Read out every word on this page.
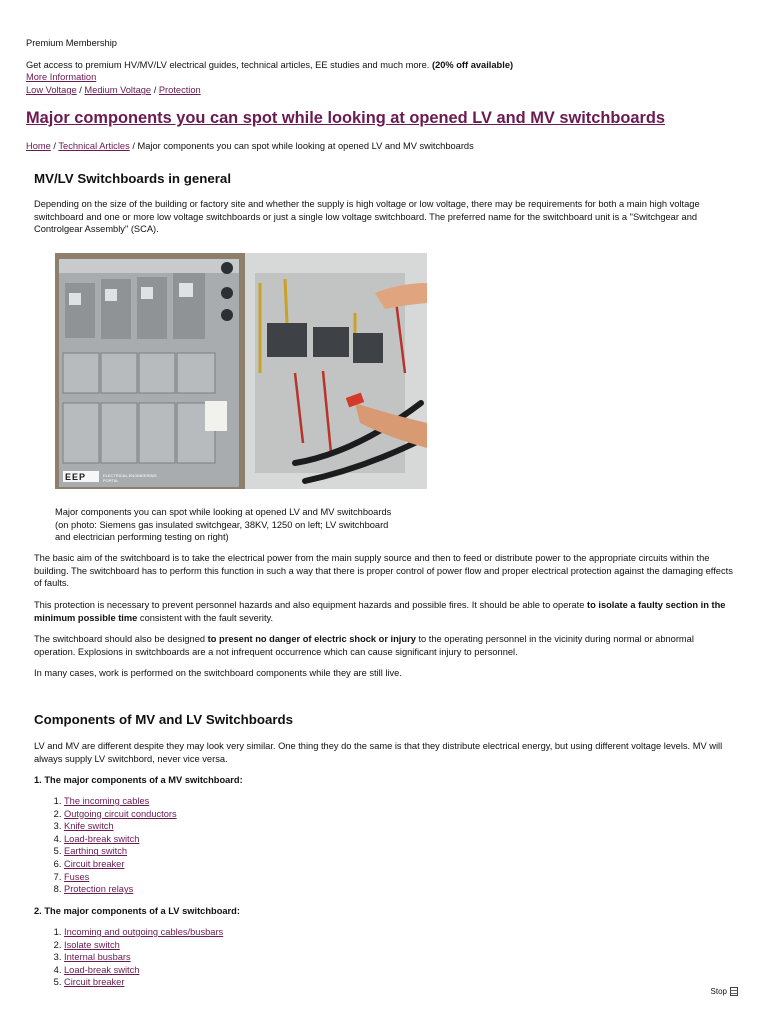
Premium Membership
Get access to premium HV/MV/LV electrical guides, technical articles, EE studies and much more. (20% off available)
More Information
Low Voltage / Medium Voltage / Protection
Major components you can spot while looking at opened LV and MV switchboards
Home / Technical Articles / Major components you can spot while looking at opened LV and MV switchboards
MV/LV Switchboards in general
Depending on the size of the building or factory site and whether the supply is high voltage or low voltage, there may be requirements for both a main high voltage switchboard and one or more low voltage switchboards or just a single low voltage switchboard. The preferred name for the switchboard unit is a "Switchgear and Controlgear Assembly" (SCA).
EEP	ELECTRICAL ENGINEERING PORTAL
Major components you can spot while looking at opened LV and MV switchboards
(on photo: Siemens gas insulated switchgear, 38KV, 1250 on left; LV switchboard
and electrician performing testing on right)
The basic aim of the switchboard is to take the electrical power from the main supply source and then to feed or distribute power to the appropriate circuits within the building. The switchboard has to perform this function in such a way that there is proper control of power flow and proper electrical protection against the damaging effects of faults.
This protection is necessary to prevent personnel hazards and also equipment hazards and possible fires. It should be able to operate to isolate a faulty section in the minimum possible time consistent with the fault severity.
The switchboard should also be designed to present no danger of electric shock or injury to the operating personnel in the vicinity during normal or abnormal operation. Explosions in switchboards are a not infrequent occurrence which can cause significant injury to personnel.
In many cases, work is performed on the switchboard components while they are still live.
Components of MV and LV Switchboards
LV and MV are different despite they may look very similar. One thing they do the same is that they distribute electrical energy, but using different voltage levels. MV will always supply LV switchbord, never vice versa.
1. The major components of a MV switchboard:
1. The incoming cables
2. Outgoing circuit conductors
3. Knife switch
4. Load-break switch
5. Earthing switch
6. Circuit breaker
7. Fuses
8. Protection relays
2. The major components of a LV switchboard:
1. Incoming and outgoing cables/busbars
2. Isolate switch
3. Internal busbars
4. Load-break switch
5. Circuit breaker
Stop
